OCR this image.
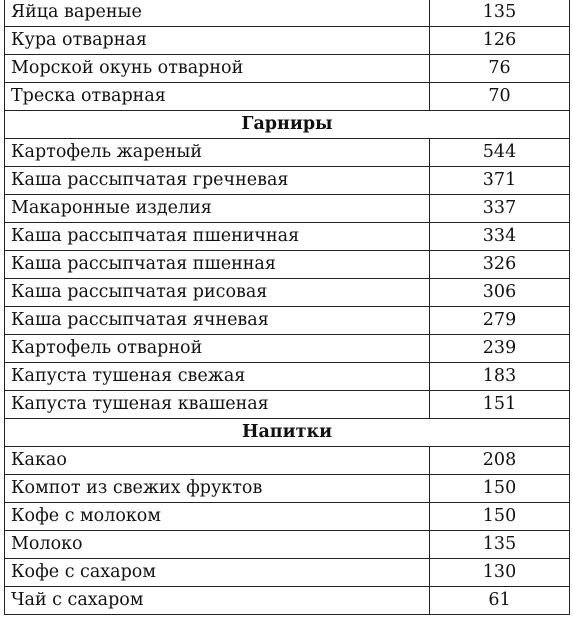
Яйца вареные	135
Кура отварная	126
Морской окунь отварной	76
Треска отварная	70
Гарниры	
Картофель жареный	544
Каша рассыпчатая гречневая	371
Макаронные изделия	337
Каша рассыпчатая пшеничная	334
Каша рассыпчатая пшенная	326
Каша рассыпчатая рисовая	306
Каша рассыпчатая ячневая	279
Картофель отварной	239
Капуста тушеная свежая	183
Капуста тушеная квашеная	151
Напитки	
Какао	208
Компот из свежих фруктов	150
Кофе с молоком	150
Молоко	135
Кофе с сахаром	130
Чай с сахаром	61
